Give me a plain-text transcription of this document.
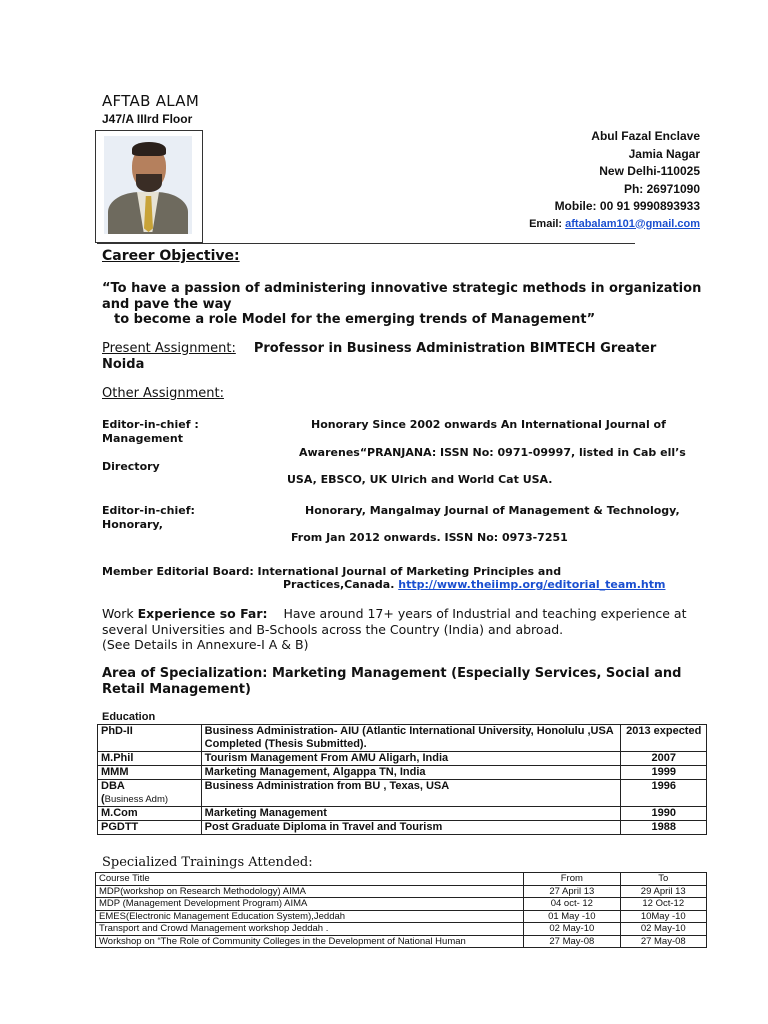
AFTAB ALAM
J47/A IIIrd Floor
Abul Fazal Enclave
Jamia Nagar
New Delhi-110025
Ph: 26971090
Mobile: 00 91 9990893933
Email: aftabalam101@gmail.com
Career Objective:
“To have a passion of administering innovative strategic methods in organization and pave the way
to become a role Model for the emerging trends of Management”
Present Assignment: Professor in Business Administration BIMTECH Greater Noida
Other Assignment:
Editor-in-chief :	Honorary Since 2002 onwards An International Journal of
Management
Awarenes“PRANJANA: ISSN No: 0971-09997, listed in Cab ell’s
Directory
USA, EBSCO, UK Ulrich and World Cat USA.
Editor-in-chief:	Honorary, Mangalmay Journal of Management & Technology,
Honorary,
From Jan 2012 onwards. ISSN No: 0973-7251
Member Editorial Board: International Journal of Marketing Principles and
Practices,Canada. http://www.theiimp.org/editorial_team.htm
Work Experience so Far: Have around 17+ years of Industrial and teaching experience at several Universities and B-Schools across the Country (India) and abroad.
(See Details in Annexure-I A & B)
Area of Specialization: Marketing Management (Especially Services, Social and Retail Management)
Education
PhD-II	Business Administration- AIU (Atlantic International University, Honolulu ,USA Completed (Thesis Submitted).	2013 expected
M.Phil	Tourism Management From AMU Aligarh, India	2007
MMM	Marketing Management, Algappa TN, India	1999
DBA
(Business Adm)	Business Administration from BU , Texas, USA	1996
M.Com	Marketing Management	1990
PGDTT	Post Graduate Diploma in Travel and Tourism	1988
Specialized Trainings Attended:
Course Title	From	To
MDP(workshop on Research Methodology) AIMA	27 April 13	29 April 13
MDP (Management Development Program) AIMA	04 oct- 12	12 Oct-12
EMES(Electronic Management Education System),Jeddah	01 May -10	10May -10
Transport and Crowd Management workshop Jeddah .	02 May-10	02 May-10
Workshop on “The Role of Community Colleges in the Development of National Human	27 May-08	27 May-08
